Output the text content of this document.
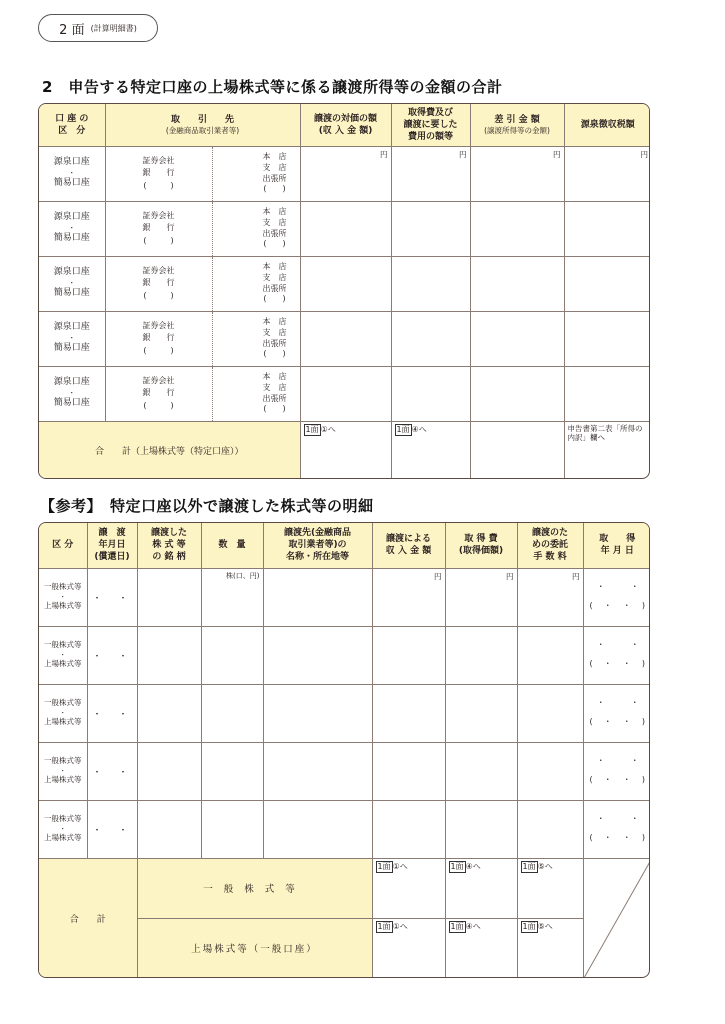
2 面 (計算明細書)
2　申告する特定口座の上場株式等に係る譲渡所得等の金額の合計
口 座 の
区　分	取　　引　　先
(金融商品取引業者等)		譲渡の対価の額
(収 入 金 額)	取得費及び
譲渡に要した
費用の額等	差 引 金 額
(譲渡所得等の金額)	源泉徴収税額
源泉口座
・
簡易口座	証券会社
銀　　行
(　　　)	本　店
支　店
出張所
(　　)	円	円	円	円
源泉口座
・
簡易口座	証券会社
銀　　行
(　　　)	本　店
支　店
出張所
(　　)				

源泉口座
・
簡易口座	証券会社
銀　　行
(　　　)	本　店
支　店
出張所
(　　)				

源泉口座
・
簡易口座	証券会社
銀　　行
(　　　)	本　店
支　店
出張所
(　　)				

源泉口座
・
簡易口座	証券会社
銀　　行
(　　　)	本　店
支　店
出張所
(　　)				

合　　計（上場株式等（特定口座））			1面 ①へ	1面 ④へ		申告書第二表「所得の内訳」欄へ
【参考】　特定口座以外で譲渡した株式等の明細
区 分	譲　渡
年月日
(償還日)	譲渡した
株 式 等
の 銘 柄	数　量	譲渡先(金融商品
取引業者等)の
名称・所在地等	譲渡による
収 入 金 額	取 得 費
(取得価額)	譲渡のた
めの委託
手 数 料	取　　得
年 月 日
一般株式等
・
上場株式等	・　・		株(口、円)		円	円	円	・　・
( ・ ・ )

一般株式等
・
上場株式等	・　・							・　・
( ・ ・ )

一般株式等
・
上場株式等	・　・							・　・
( ・ ・ )

一般株式等
・
上場株式等	・　・							・　・
( ・ ・ )

一般株式等
・
上場株式等	・　・							・　・
( ・ ・ )

合　　計		一般株式等			1面 ①へ	1面 ④へ	1面 ⑤へ	

		上場株式等（一般口座）			1面 ①へ	1面 ④へ	1面 ⑤へ	
